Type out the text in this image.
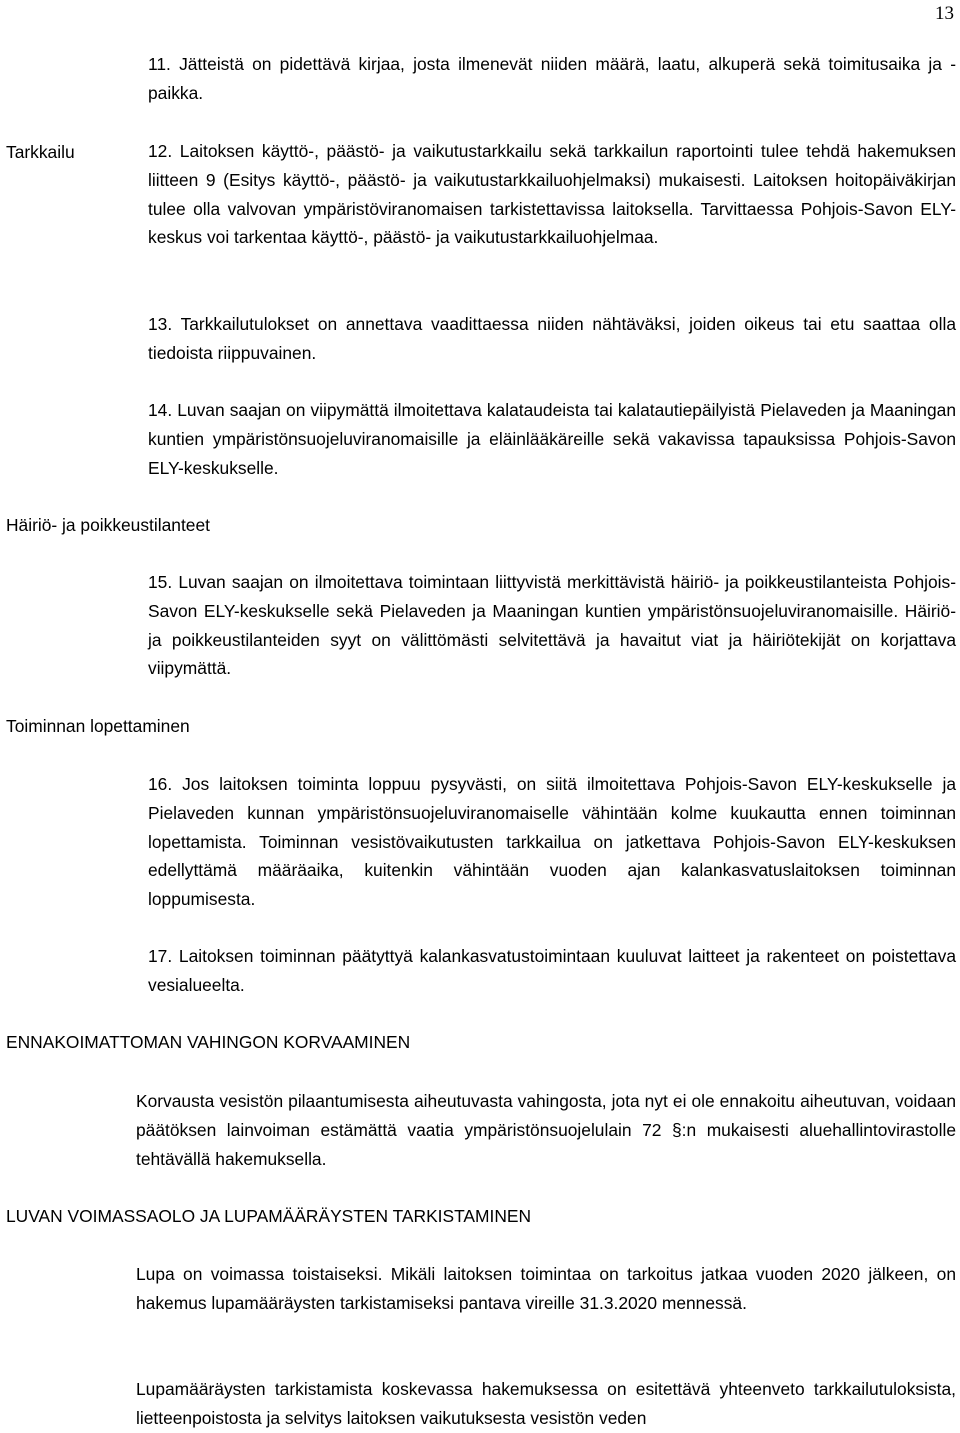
13

11. Jätteistä on pidettävä kirjaa, josta ilmenevät niiden määrä, laatu, alkuperä sekä toimitusaika ja -paikka.

Tarkkailu	12. Laitoksen käyttö-, päästö- ja vaikutustarkkailu sekä tarkkailun raportointi tulee tehdä hakemuksen liitteen 9 (Esitys käyttö-, päästö- ja vaikutustarkkailuohjelmaksi) mukaisesti. Laitoksen hoitopäiväkirjan tulee olla valvovan ympäristöviranomaisen tarkistettavissa laitoksella. Tarvittaessa Pohjois-Savon ELY-keskus voi tarkentaa käyttö-, päästö- ja vaikutustarkkailuohjelmaa.

13. Tarkkailutulokset on annettava vaadittaessa niiden nähtäväksi, joiden oikeus tai etu saattaa olla tiedoista riippuvainen.

14. Luvan saajan on viipymättä ilmoitettava kalataudeista tai kalatautiepäilyistä Pielaveden ja Maaningan kuntien ympäristönsuojeluviranomaisille ja eläinlääkäreille sekä vakavissa tapauksissa Pohjois-Savon ELY-keskukselle.

Häiriö- ja poikkeustilanteet

15. Luvan saajan on ilmoitettava toimintaan liittyvistä merkittävistä häiriö- ja poikkeustilanteista Pohjois-Savon ELY-keskukselle sekä Pielaveden ja Maaningan kuntien ympäristönsuojeluviranomaisille. Häiriö- ja poikkeustilanteiden syyt on välittömästi selvitettävä ja havaitut viat ja häiriötekijät on korjattava viipymättä.

Toiminnan lopettaminen

16. Jos laitoksen toiminta loppuu pysyvästi, on siitä ilmoitettava Pohjois-Savon ELY-keskukselle ja Pielaveden kunnan ympäristönsuojeluviranomaiselle vähintään kolme kuukautta ennen toiminnan lopettamista. Toiminnan vesistövaikutusten tarkkailua on jatkettava Pohjois-Savon ELY-keskuksen edellyttämä määräaika, kuitenkin vähintään vuoden ajan kalankasvatuslaitoksen toiminnan loppumisesta.

17. Laitoksen toiminnan päätyttyä kalankasvatustoimintaan kuuluvat laitteet ja rakenteet on poistettava vesialueelta.

ENNAKOIMATTOMAN VAHINGON KORVAAMINEN

Korvausta vesistön pilaantumisesta aiheutuvasta vahingosta, jota nyt ei ole ennakoitu aiheutuvan, voidaan päätöksen lainvoiman estämättä vaatia ympäristönsuojelulain 72 §:n mukaisesti aluehallintovirastolle tehtävällä hakemuksella.

LUVAN VOIMASSAOLO JA LUPAMÄÄRÄYSTEN TARKISTAMINEN

Lupa on voimassa toistaiseksi. Mikäli laitoksen toimintaa on tarkoitus jatkaa vuoden 2020 jälkeen, on hakemus lupamääräysten tarkistamiseksi pantava vireille 31.3.2020 mennessä.

Lupamääräysten tarkistamista koskevassa hakemuksessa on esitettävä yhteenveto tarkkailutuloksista, lietteenpoistosta ja selvitys laitoksen vaikutuksesta vesistön veden
